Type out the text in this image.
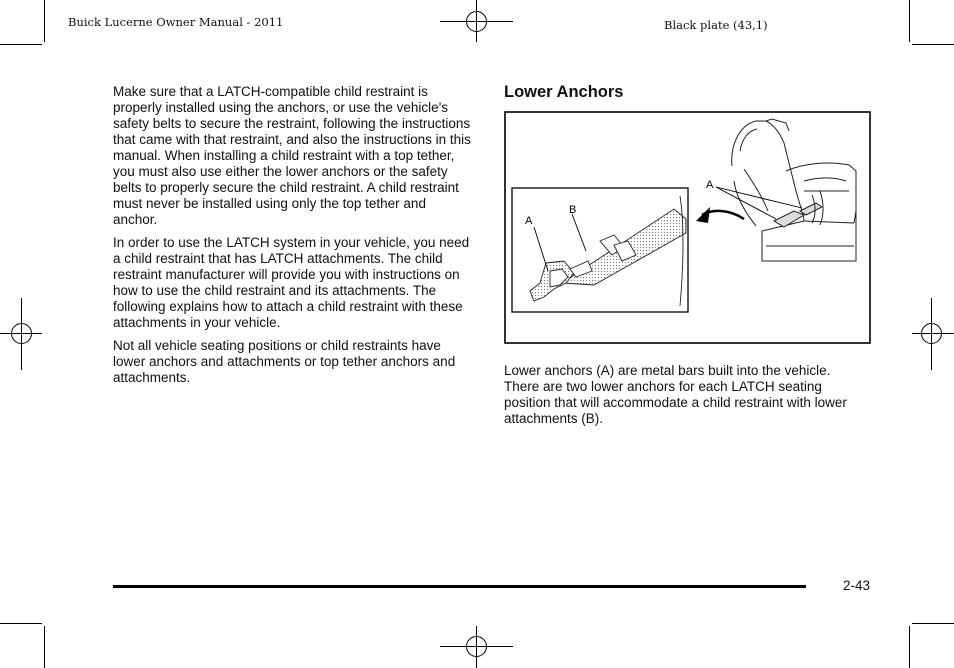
Buick Lucerne Owner Manual - 2011	Black plate (43,1)

Make sure that a LATCH-compatible child restraint is properly installed using the anchors, or use the vehicle's safety belts to secure the restraint, following the instructions that came with that restraint, and also the instructions in this manual. When installing a child restraint with a top tether, you must also use either the lower anchors or the safety belts to properly secure the child restraint. A child restraint must never be installed using only the top tether and anchor.

In order to use the LATCH system in your vehicle, you need a child restraint that has LATCH attachments. The child restraint manufacturer will provide you with instructions on how to use the child restraint and its attachments. The following explains how to attach a child restraint with these attachments in your vehicle.

Not all vehicle seating positions or child restraints have lower anchors and attachments or top tether anchors and attachments.

Lower Anchors
A
A
B
Lower anchors (A) are metal bars built into the vehicle. There are two lower anchors for each LATCH seating position that will accommodate a child restraint with lower attachments (B).
2-43
